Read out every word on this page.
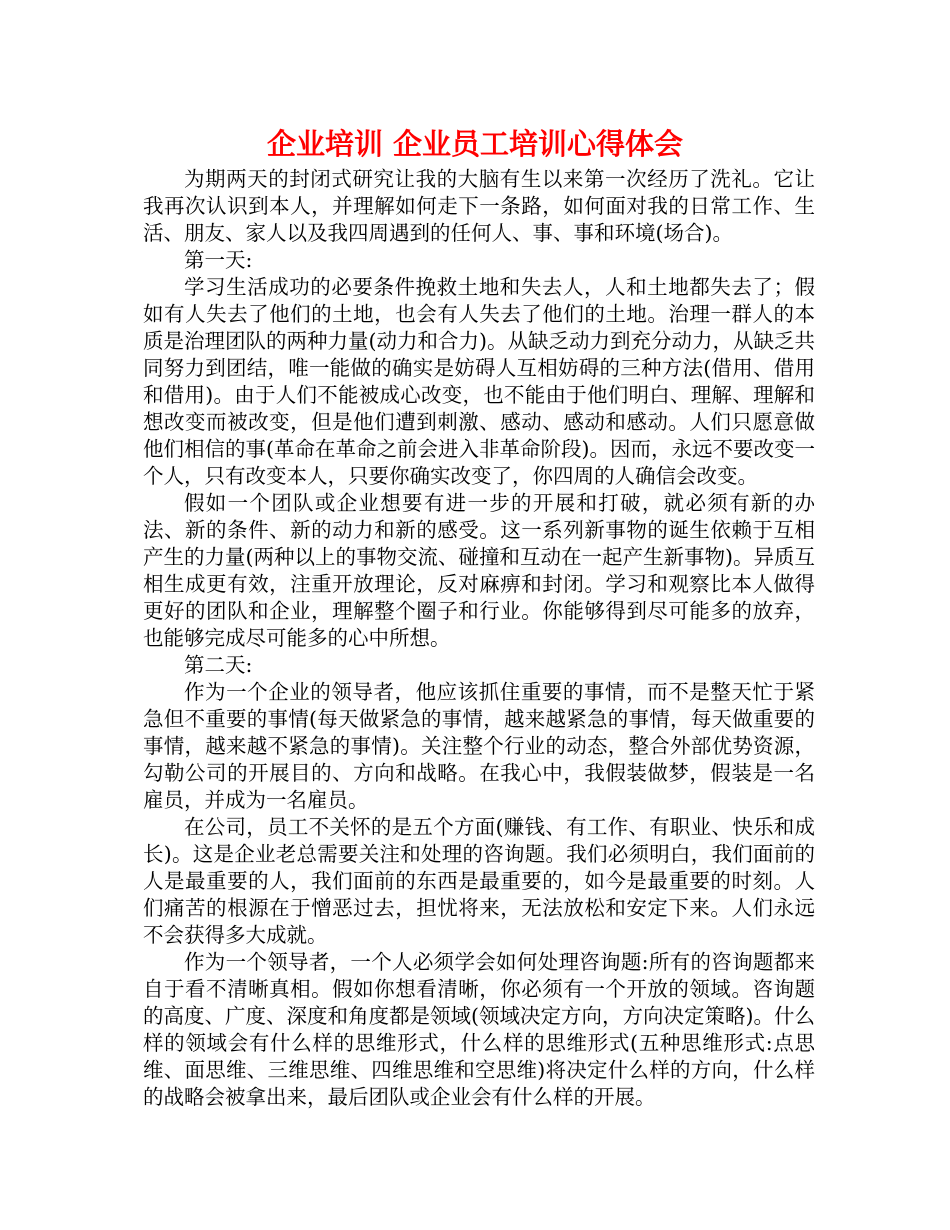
企业培训 企业员工培训心得体会

为期两天的封闭式研究让我的大脑有生以来第一次经历了洗礼。它让我再次认识到本人，并理解如何走下一条路，如何面对我的日常工作、生活、朋友、家人以及我四周遇到的任何人、事、事和环境(场合)。

第一天:

学习生活成功的必要条件挽救土地和失去人，人和土地都失去了；假如有人失去了他们的土地，也会有人失去了他们的土地。治理一群人的本质是治理团队的两种力量(动力和合力)。从缺乏动力到充分动力，从缺乏共同努力到团结，唯一能做的确实是妨碍人互相妨碍的三种方法(借用、借用和借用)。由于人们不能被成心改变，也不能由于他们明白、理解、理解和想改变而被改变，但是他们遭到刺激、感动、感动和感动。人们只愿意做他们相信的事(革命在革命之前会进入非革命阶段)。因而，永远不要改变一个人，只有改变本人，只要你确实改变了，你四周的人确信会改变。

假如一个团队或企业想要有进一步的开展和打破，就必须有新的办法、新的条件、新的动力和新的感受。这一系列新事物的诞生依赖于互相产生的力量(两种以上的事物交流、碰撞和互动在一起产生新事物)。异质互相生成更有效，注重开放理论，反对麻痹和封闭。学习和观察比本人做得更好的团队和企业，理解整个圈子和行业。你能够得到尽可能多的放弃，也能够完成尽可能多的心中所想。

第二天:

作为一个企业的领导者，他应该抓住重要的事情，而不是整天忙于紧急但不重要的事情(每天做紧急的事情，越来越紧急的事情，每天做重要的事情，越来越不紧急的事情)。关注整个行业的动态，整合外部优势资源，勾勒公司的开展目的、方向和战略。在我心中，我假装做梦，假装是一名雇员，并成为一名雇员。

在公司，员工不关怀的是五个方面(赚钱、有工作、有职业、快乐和成长)。这是企业老总需要关注和处理的咨询题。我们必须明白，我们面前的人是最重要的人，我们面前的东西是最重要的，如今是最重要的时刻。人们痛苦的根源在于憎恶过去，担忧将来，无法放松和安定下来。人们永远不会获得多大成就。

作为一个领导者，一个人必须学会如何处理咨询题:所有的咨询题都来自于看不清晰真相。假如你想看清晰，你必须有一个开放的领域。咨询题的高度、广度、深度和角度都是领域(领域决定方向，方向决定策略)。什么样的领域会有什么样的思维形式，什么样的思维形式(五种思维形式:点思维、面思维、三维思维、四维思维和空思维)将决定什么样的方向，什么样的战略会被拿出来，最后团队或企业会有什么样的开展。
